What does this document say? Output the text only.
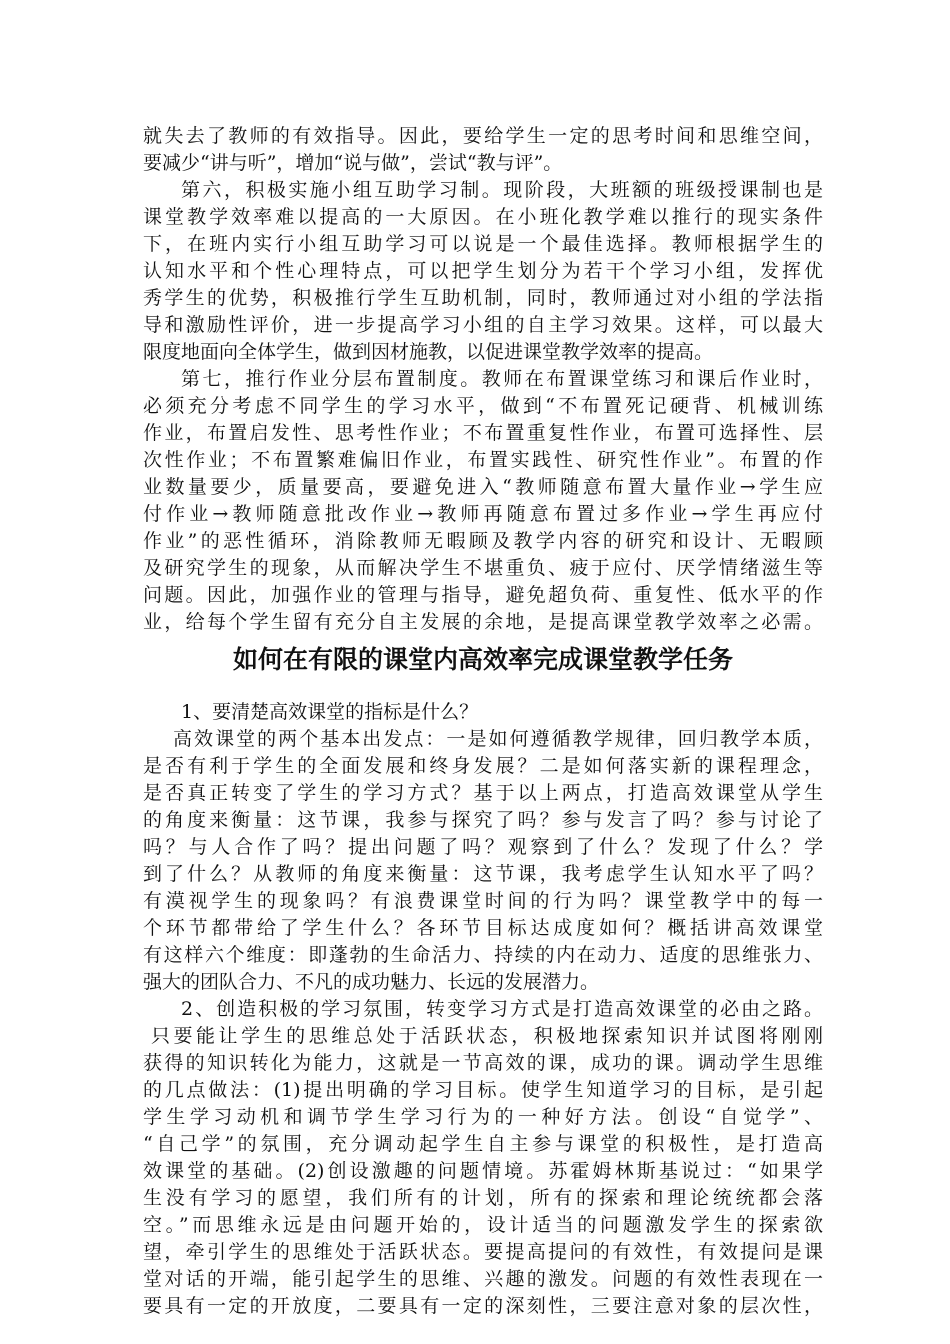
就失去了教师的有效指导。因此，要给学生一定的思考时间和思维空间，
要减少“讲与听”，增加“说与做”，尝试“教与评”。
第六，积极实施小组互助学习制。现阶段，大班额的班级授课制也是
课堂教学效率难以提高的一大原因。在小班化教学难以推行的现实条件
下，在班内实行小组互助学习可以说是一个最佳选择。教师根据学生的
认知水平和个性心理特点，可以把学生划分为若干个学习小组，发挥优
秀学生的优势，积极推行学生互助机制，同时，教师通过对小组的学法指
导和激励性评价，进一步提高学习小组的自主学习效果。这样，可以最大
限度地面向全体学生，做到因材施教，以促进课堂教学效率的提高。
第七，推行作业分层布置制度。教师在布置课堂练习和课后作业时，
必须充分考虑不同学生的学习水平，做到“不布置死记硬背、机械训练
作业，布置启发性、思考性作业；不布置重复性作业，布置可选择性、层
次性作业；不布置繁难偏旧作业，布置实践性、研究性作业”。布置的作
业数量要少，质量要高，要避免进入“教师随意布置大量作业→学生应
付作业→教师随意批改作业→教师再随意布置过多作业→学生再应付
作业”的恶性循环，消除教师无暇顾及教学内容的研究和设计、无暇顾
及研究学生的现象，从而解决学生不堪重负、疲于应付、厌学情绪滋生等
问题。因此，加强作业的管理与指导，避免超负荷、重复性、低水平的作
业，给每个学生留有充分自主发展的余地，是提高课堂教学效率之必需。
如何在有限的课堂内高效率完成课堂教学任务
1、要清楚高效课堂的指标是什么？
高效课堂的两个基本出发点：一是如何遵循教学规律，回归教学本质，
是否有利于学生的全面发展和终身发展？二是如何落实新的课程理念，
是否真正转变了学生的学习方式？基于以上两点，打造高效课堂从学生
的角度来衡量：这节课，我参与探究了吗？参与发言了吗？参与讨论了
吗？与人合作了吗？提出问题了吗？观察到了什么？发现了什么？学
到了什么？从教师的角度来衡量：这节课，我考虑学生认知水平了吗？
有漠视学生的现象吗？有浪费课堂时间的行为吗？课堂教学中的每一
个环节都带给了学生什么？各环节目标达成度如何？概括讲高效课堂
有这样六个维度：即蓬勃的生命活力、持续的内在动力、适度的思维张力、
强大的团队合力、不凡的成功魅力、长远的发展潜力。
2、创造积极的学习氛围，转变学习方式是打造高效课堂的必由之路。
只要能让学生的思维总处于活跃状态，积极地探索知识并试图将刚刚
获得的知识转化为能力，这就是一节高效的课，成功的课。调动学生思维
的几点做法：(1)提出明确的学习目标。使学生知道学习的目标，是引起
学生学习动机和调节学生学习行为的一种好方法。创设“自觉学”、
“自己学”的氛围，充分调动起学生自主参与课堂的积极性，是打造高
效课堂的基础。(2)创设激趣的问题情境。苏霍姆林斯基说过：“如果学
生没有学习的愿望，我们所有的计划，所有的探索和理论统统都会落
空。”而思维永远是由问题开始的，设计适当的问题激发学生的探索欲
望，牵引学生的思维处于活跃状态。要提高提问的有效性，有效提问是课
堂对话的开端，能引起学生的思维、兴趣的激发。问题的有效性表现在一
要具有一定的开放度，二要具有一定的深刻性，三要注意对象的层次性，
